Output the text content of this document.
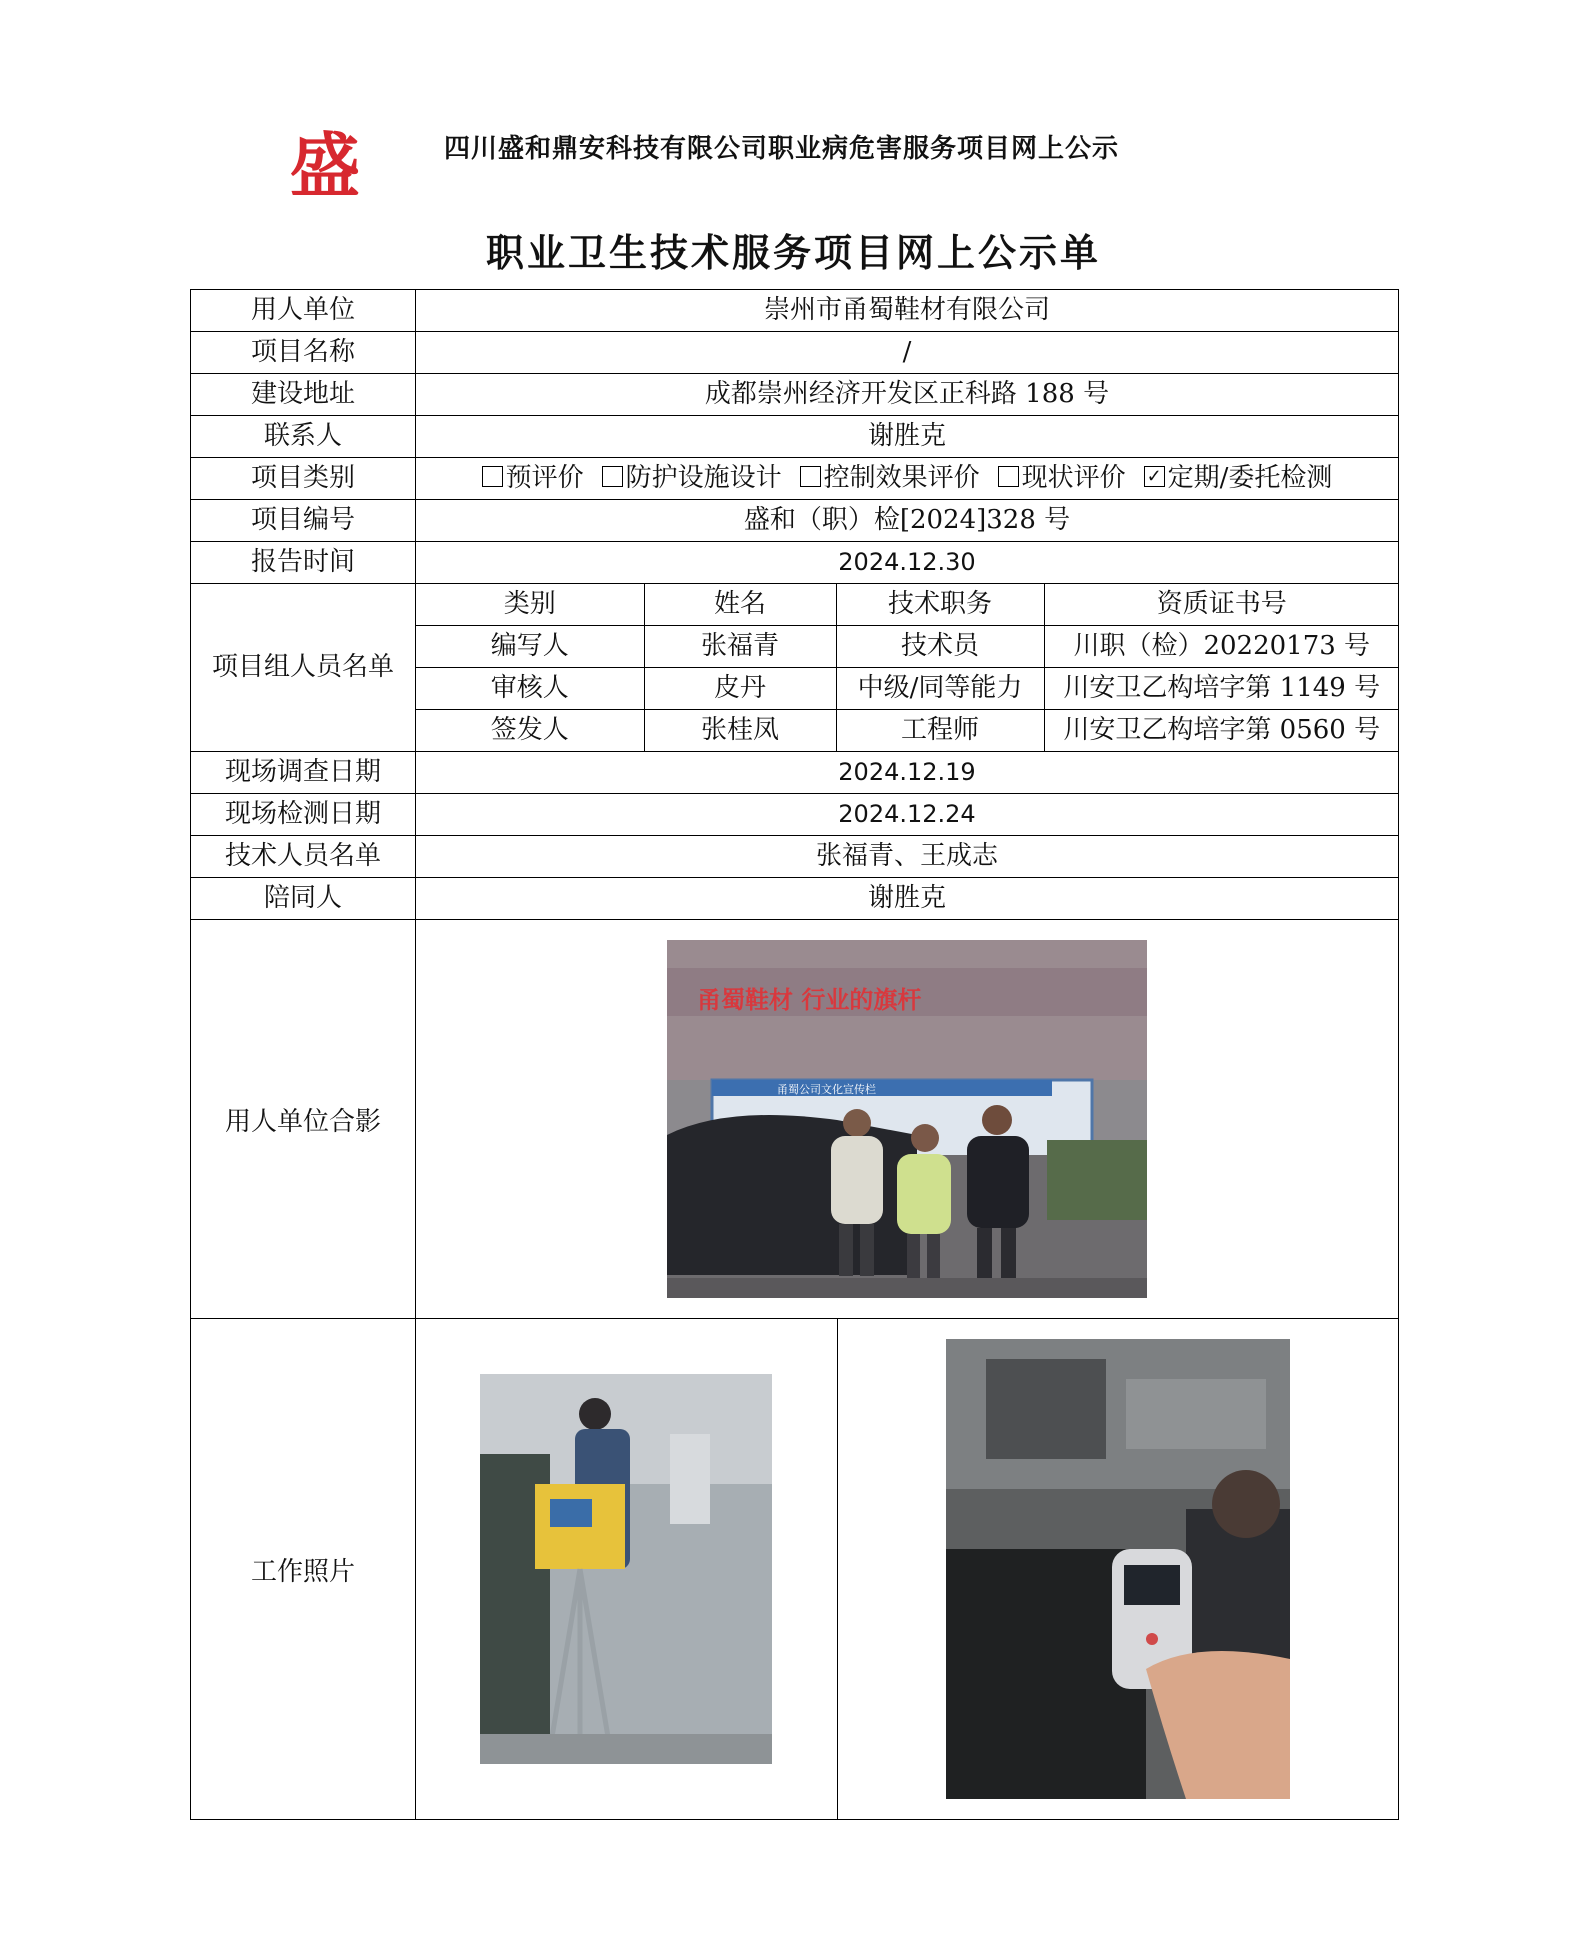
盛	四川盛和鼎安科技有限公司职业病危害服务项目网上公示
职业卫生技术服务项目网上公示单
用人单位	崇州市甬蜀鞋材有限公司
项目名称	/
建设地址	成都崇州经济开发区正科路 188 号
联系人	谢胜克
项目类别	预评价 防护设施设计 控制效果评价 现状评价 ✓ 定期/委托检测
项目编号	盛和（职）检[2024]328 号
报告时间	2024.12.30
项目组人员名单	
类别	姓名	技术职务	资质证书号
编写人	张福青	技术员	川职（检）20220173 号
审核人	皮丹	中级/同等能力	川安卫乙构培字第 1149 号
签发人	张桂凤	工程师	川安卫乙构培字第 0560 号

现场调查日期	2024.12.19
现场检测日期	2024.12.24
技术人员名单	张福青、王成志
陪同人	谢胜克
用人单位合影	
甬蜀鞋材 行业的旗杆
甬蜀公司文化宣传栏

工作照片	
